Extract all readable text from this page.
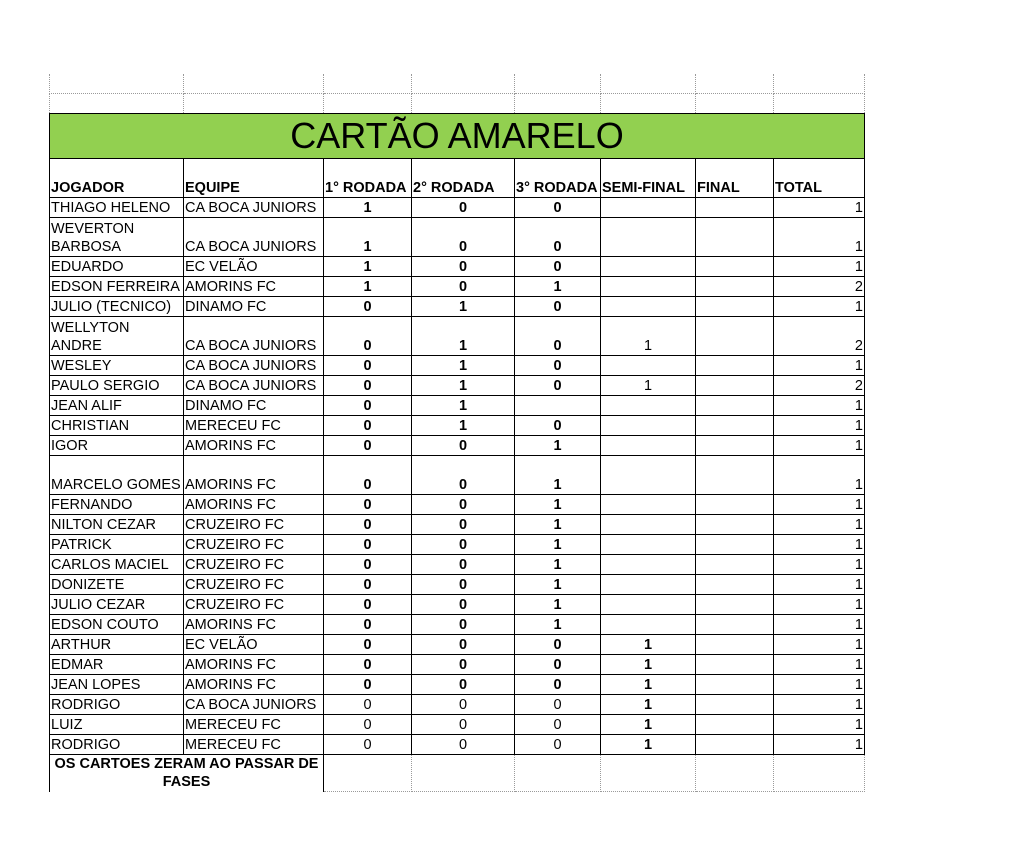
CARTÃO AMARELO							
JOGADOR	EQUIPE	1° RODADA	2° RODADA	3° RODADA	SEMI-FINAL	FINAL	TOTAL
THIAGO HELENO	CA BOCA JUNIORS	1	0	0			1
WEVERTON BARBOSA	CA BOCA JUNIORS	1	0	0			1
EDUARDO	EC VELÃO	1	0	0			1
EDSON FERREIRA	AMORINS FC	1	0	1			2
JULIO (TECNICO)	DINAMO FC	0	1	0			1
WELLYTON ANDRE	CA BOCA JUNIORS	0	1	0	1		2
WESLEY	CA BOCA JUNIORS	0	1	0			1
PAULO SERGIO	CA BOCA JUNIORS	0	1	0	1		2
JEAN ALIF	DINAMO FC	0	1				1
CHRISTIAN	MERECEU FC	0	1	0			1
IGOR	AMORINS FC	0	0	1			1
MARCELO GOMES	AMORINS FC	0	0	1			1
FERNANDO	AMORINS FC	0	0	1			1
NILTON CEZAR	CRUZEIRO FC	0	0	1			1
PATRICK	CRUZEIRO FC	0	0	1			1
CARLOS MACIEL	CRUZEIRO FC	0	0	1			1
DONIZETE	CRUZEIRO FC	0	0	1			1
JULIO CEZAR	CRUZEIRO FC	0	0	1			1
EDSON COUTO	AMORINS FC	0	0	1			1
ARTHUR	EC VELÃO	0	0	0	1		1
EDMAR	AMORINS FC	0	0	0	1		1
JEAN LOPES	AMORINS FC	0	0	0	1		1
RODRIGO	CA BOCA JUNIORS	0	0	0	1		1
LUIZ	MERECEU FC	0	0	0	1		1
RODRIGO	MERECEU FC	0	0	0	1		1
OS CARTOES ZERAM AO PASSAR DE FASES							
